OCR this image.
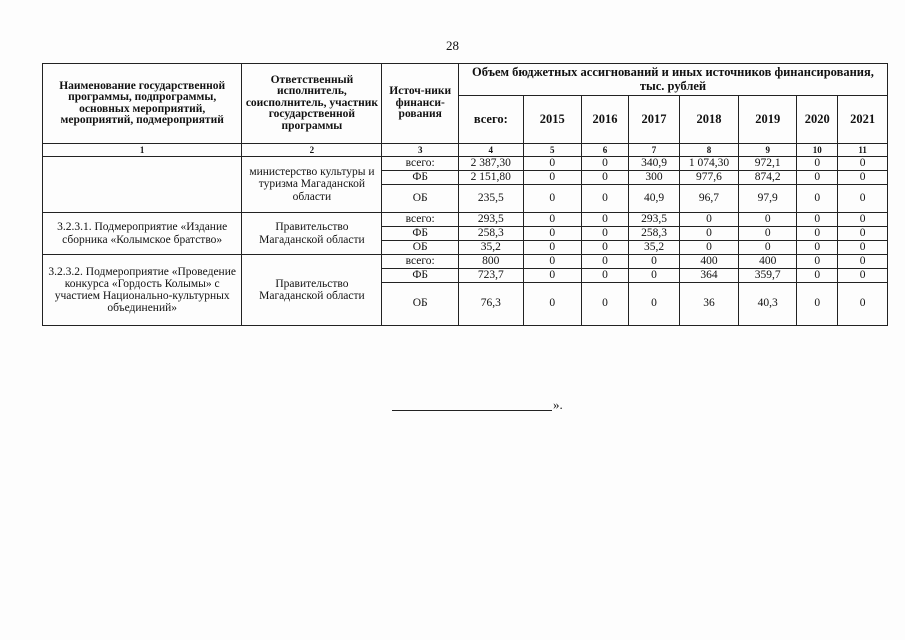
28
Наименование государственной программы, подпрограммы, основных мероприятий, мероприятий, подмероприятий	Ответственный исполнитель, соисполнитель, участник государственной программы	Источ-ники финанси-рования	Объем бюджетных ассигнований и иных источников финансирования, тыс. рублей							
			всего:	2015	2016	2017	2018	2019	2020	2021
1	2	3	4	5	6	7	8	9	10	11
	министерство культуры и туризма Магаданской области	всего:	2 387,30	0	0	340,9	1 074,30	972,1	0	0
		ФБ	2 151,80	0	0	300	977,6	874,2	0	0
		ОБ	235,5	0	0	40,9	96,7	97,9	0	0
3.2.3.1. Подмероприятие «Издание сборника «Колымское братство»	Правительство Магаданской области	всего:	293,5	0	0	293,5	0	0	0	0
		ФБ	258,3	0	0	258,3	0	0	0	0
		ОБ	35,2	0	0	35,2	0	0	0	0
3.2.3.2. Подмероприятие «Проведение конкурса «Гордость Колымы» с участием Национально-культурных объединений»	Правительство Магаданской области	всего:	800	0	0	0	400	400	0	0
		ФБ	723,7	0	0	0	364	359,7	0	0
		ОБ	76,3	0	0	0	36	40,3	0	0
».
